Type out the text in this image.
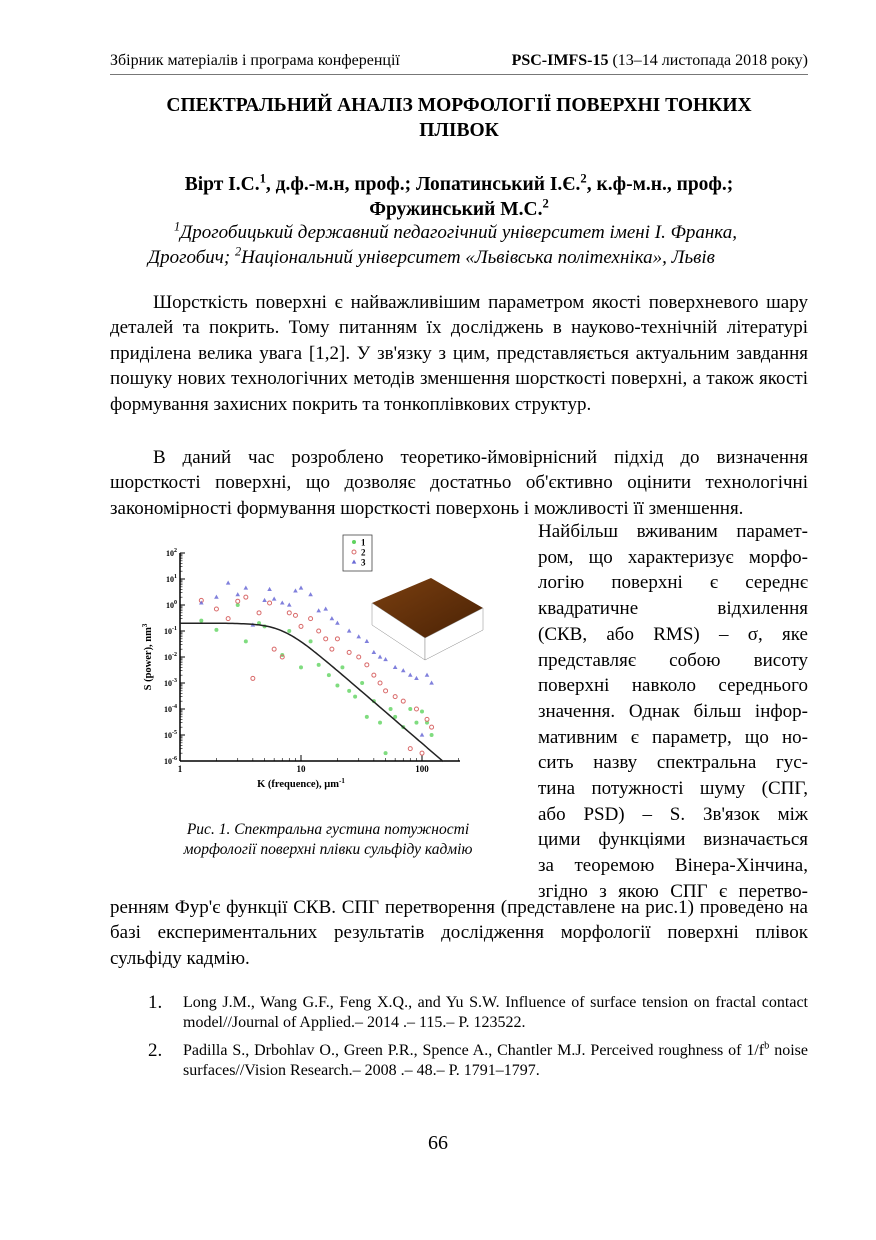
Збірник матеріалів і програма конференції	PSC-IMFS-15 (13–14 листопада 2018 року)
СПЕКТРАЛЬНИЙ АНАЛІЗ МОРФОЛОГІЇ ПОВЕРХНІ ТОНКИХ
ПЛІВОК
Вірт І.С.$^1$, д.ф.-м.н, проф.; Лопатинський І.Є.$^2$, к.ф-м.н., проф.;
Фружинський М.С.$^2$
$^1$Дрогобицький державний педагогічний університет імені І. Франка,
Дрогобич; $^2$Національний університет «Львівська політехніка», Львів
Шорсткість поверхні є найважливішим параметром якості поверхневого шару деталей та покрить. Тому питанням їх досліджень в науково-технічній літературі приділена велика увага [1,2]. У зв'язку з цим, представляється актуальним завдання пошуку нових технологічних методів зменшення шорсткості поверхні, а також якості формування захисних покрить та тонкоплівкових структур.
В даний час розроблено теоретико-ймовірнісний підхід до визначення шорсткості поверхні, що дозволяє достатньо об'єктивно оцінити технологічні закономірності формування шорсткості поверхонь і можливості її зменшення.
Найбільш вживаним парамет-
ром, що характеризує морфо-
логію поверхні є середнє
квадратичне відхилення
(СКВ, або RMS) – σ, яке
представляє собою висоту
поверхні навколо середнього
значення. Однак більш інфор-
мативним є параметр, що но-
сить назву спектральна гус-
тина потужності шуму (СПГ,
або PSD) – S. Зв'язок між
цими функціями визначається
за теоремою Вінера-Хінчина,
згідно з якою СПГ є перетво-
ренням Фур'є функції СКВ. СПГ перетворення (представлене на рис.1) проведено на базі експериментальних результатів дослідження морфології поверхні плівок сульфіду кадмію.
$10^2$
$10^1$
$10^0$
$10^{-1}$
$10^{-2}$
$10^{-3}$
$10^{-4}$
$10^{-5}$
$10^{-6}$
1	10	100
K (frequence), $\mu m^{-1}$
S (power), $nm^3$
1
2
3
Рис. 1. Спектральна густина потужності
морфології поверхні плівки сульфіду кадмію
1.	Long J.M., Wang G.F., Feng X.Q., and Yu S.W. Influence of surface tension on fractal contact model//Journal of Applied.– 2014 .– 115.– P. 123522.
2.	Padilla S., Drbohlav O., Green P.R., Spence A., Chantler M.J. Perceived roughness of $1/f^b$ noise surfaces//Vision Research.– 2008 .– 48.– P. 1791–1797.
66
